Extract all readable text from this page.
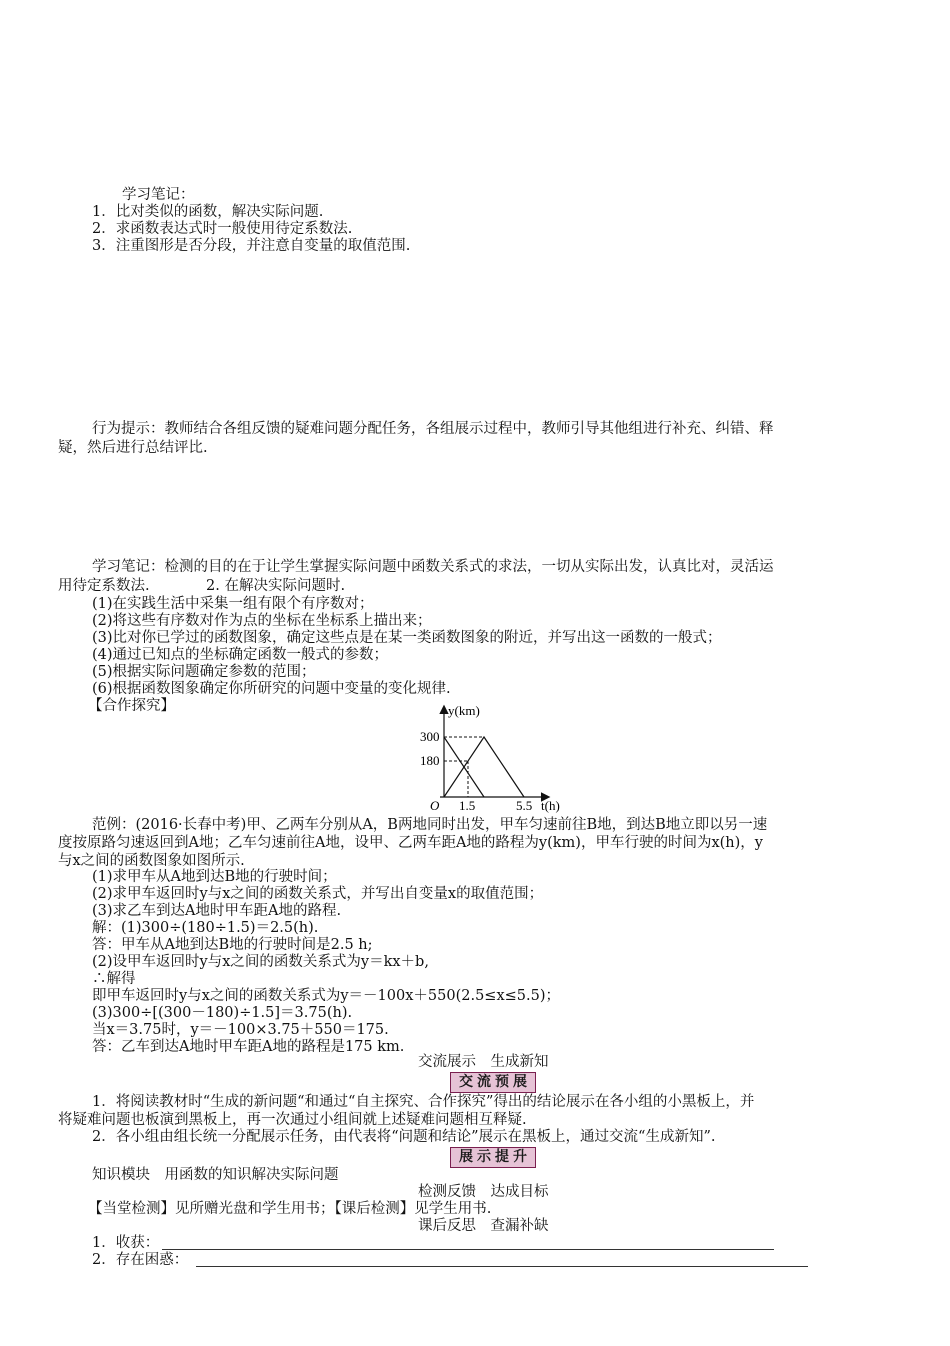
学习笔记：
1．比对类似的函数，解决实际问题.
2．求函数表达式时一般使用待定系数法.
3．注重图形是否分段，并注意自变量的取值范围.
行为提示：教师结合各组反馈的疑难问题分配任务，各组展示过程中，教师引导其他组进行补充、纠错、释
疑，然后进行总结评比.
学习笔记：检测的目的在于让学生掌握实际问题中函数关系式的求法，一切从实际出发，认真比对，灵活运
用待定系数法.	2. 在解决实际问题时.
(1)在实践生活中采集一组有限个有序数对；
(2)将这些有序数对作为点的坐标在坐标系上描出来；
(3)比对你已学过的函数图象，确定这些点是在某一类函数图象的附近，并写出这一函数的一般式；
(4)通过已知点的坐标确定函数一般式的参数；
(5)根据实际问题确定参数的范围；
(6)根据函数图象确定你所研究的问题中变量的变化规律.
【合作探究】	y(km)
300
180
O 1.5	5.5 t(h)
范例：(2016·长春中考)甲、乙两车分别从A，B两地同时出发，甲车匀速前往B地，到达B地立即以另一速
度按原路匀速返回到A地；乙车匀速前往A地，设甲、乙两车距A地的路程为y(km)，甲车行驶的时间为x(h)，y
与x之间的函数图象如图所示.
(1)求甲车从A地到达B地的行驶时间；
(2)求甲车返回时y与x之间的函数关系式，并写出自变量x的取值范围；
(3)求乙车到达A地时甲车距A地的路程.
解：(1)300÷(180÷1.5)＝2.5(h).
答：甲车从A地到达B地的行驶时间是2.5 h;
(2)设甲车返回时y与x之间的函数关系式为y＝kx＋b,
∴解得
即甲车返回时y与x之间的函数关系式为y＝－100x＋550(2.5≤x≤5.5)；
(3)300÷[(300－180)÷1.5]＝3.75(h).
当x＝3.75时，y＝－100×3.75＋550＝175.
答：乙车到达A地时甲车距A地的路程是175 km.
交流展示　生成新知
交流预展
1．将阅读教材时“生成的新问题“和通过“自主探究、合作探究”得出的结论展示在各小组的小黑板上，并
将疑难问题也板演到黑板上，再一次通过小组间就上述疑难问题相互释疑.
2．各小组由组长统一分配展示任务，由代表将“问题和结论”展示在黑板上，通过交流“生成新知”.
展示提升
知识模块　用函数的知识解决实际问题
检测反馈　达成目标
【当堂检测】见所赠光盘和学生用书；【课后检测】见学生用书.
课后反思　查漏补缺
1．收获：
2．存在困惑：
